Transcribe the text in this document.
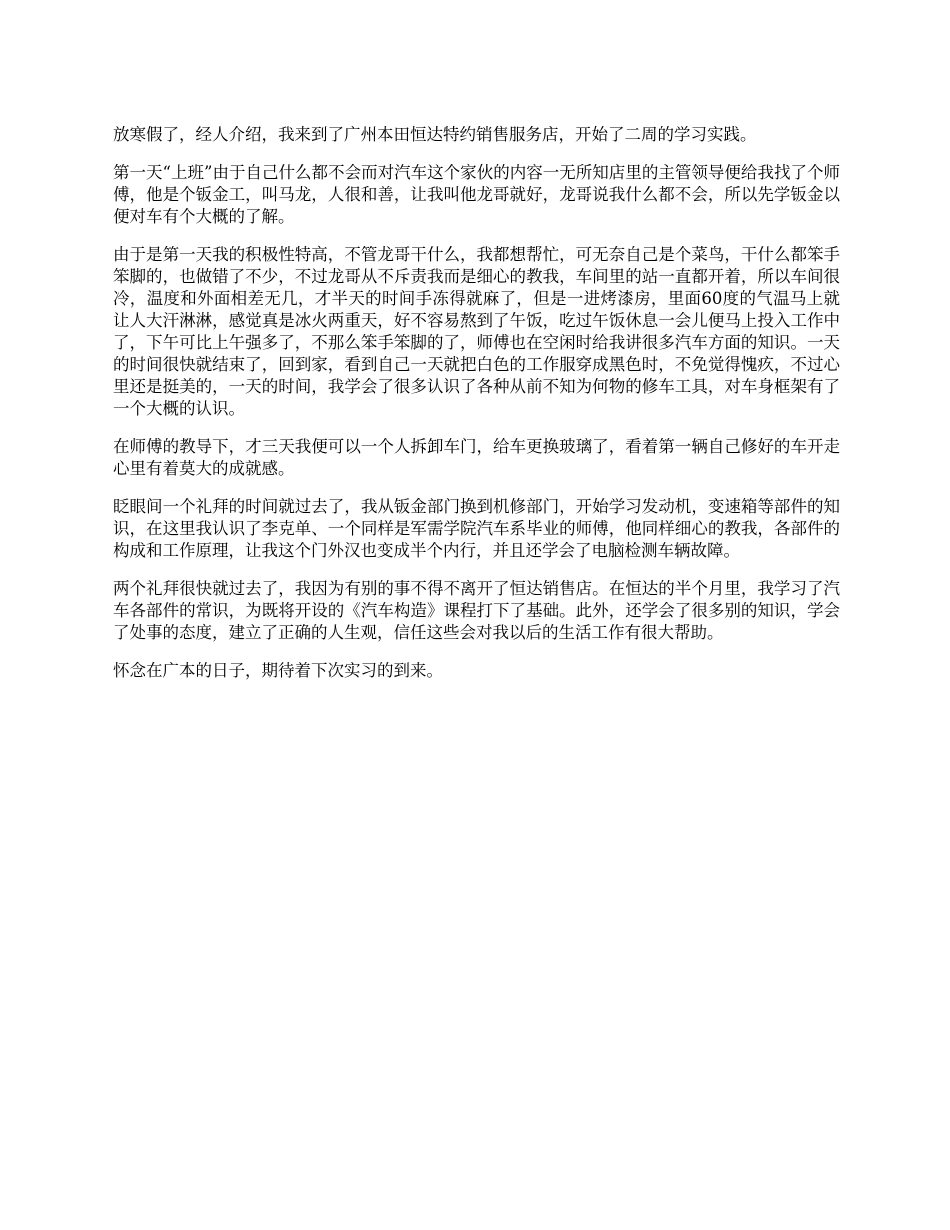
放寒假了，经人介绍，我来到了广州本田恒达特约销售服务店，开始了二周的学习实践。

第一天“上班”由于自己什么都不会而对汽车这个家伙的内容一无所知店里的主管领导便给我找了个师傅，他是个钣金工，叫马龙，人很和善，让我叫他龙哥就好，龙哥说我什么都不会，所以先学钣金以便对车有个大概的了解。

由于是第一天我的积极性特高，不管龙哥干什么，我都想帮忙，可无奈自己是个菜鸟，干什么都笨手笨脚的，也做错了不少，不过龙哥从不斥责我而是细心的教我，车间里的站一直都开着，所以车间很冷，温度和外面相差无几，才半天的时间手冻得就麻了，但是一进烤漆房，里面60度的气温马上就让人大汗淋淋，感觉真是冰火两重天，好不容易熬到了午饭，吃过午饭休息一会儿便马上投入工作中了，下午可比上午强多了，不那么笨手笨脚的了，师傅也在空闲时给我讲很多汽车方面的知识。一天的时间很快就结束了，回到家，看到自己一天就把白色的工作服穿成黑色时，不免觉得愧疚，不过心里还是挺美的，一天的时间，我学会了很多认识了各种从前不知为何物的修车工具，对车身框架有了一个大概的认识。

在师傅的教导下，才三天我便可以一个人拆卸车门，给车更换玻璃了，看着第一辆自己修好的车开走心里有着莫大的成就感。

眨眼间一个礼拜的时间就过去了，我从钣金部门换到机修部门，开始学习发动机，变速箱等部件的知识，在这里我认识了李克单、一个同样是军需学院汽车系毕业的师傅，他同样细心的教我，各部件的构成和工作原理，让我这个门外汉也变成半个内行，并且还学会了电脑检测车辆故障。

两个礼拜很快就过去了，我因为有别的事不得不离开了恒达销售店。在恒达的半个月里，我学习了汽车各部件的常识，为既将开设的《汽车构造》课程打下了基础。此外，还学会了很多别的知识，学会了处事的态度，建立了正确的人生观，信任这些会对我以后的生活工作有很大帮助。

怀念在广本的日子，期待着下次实习的到来。
